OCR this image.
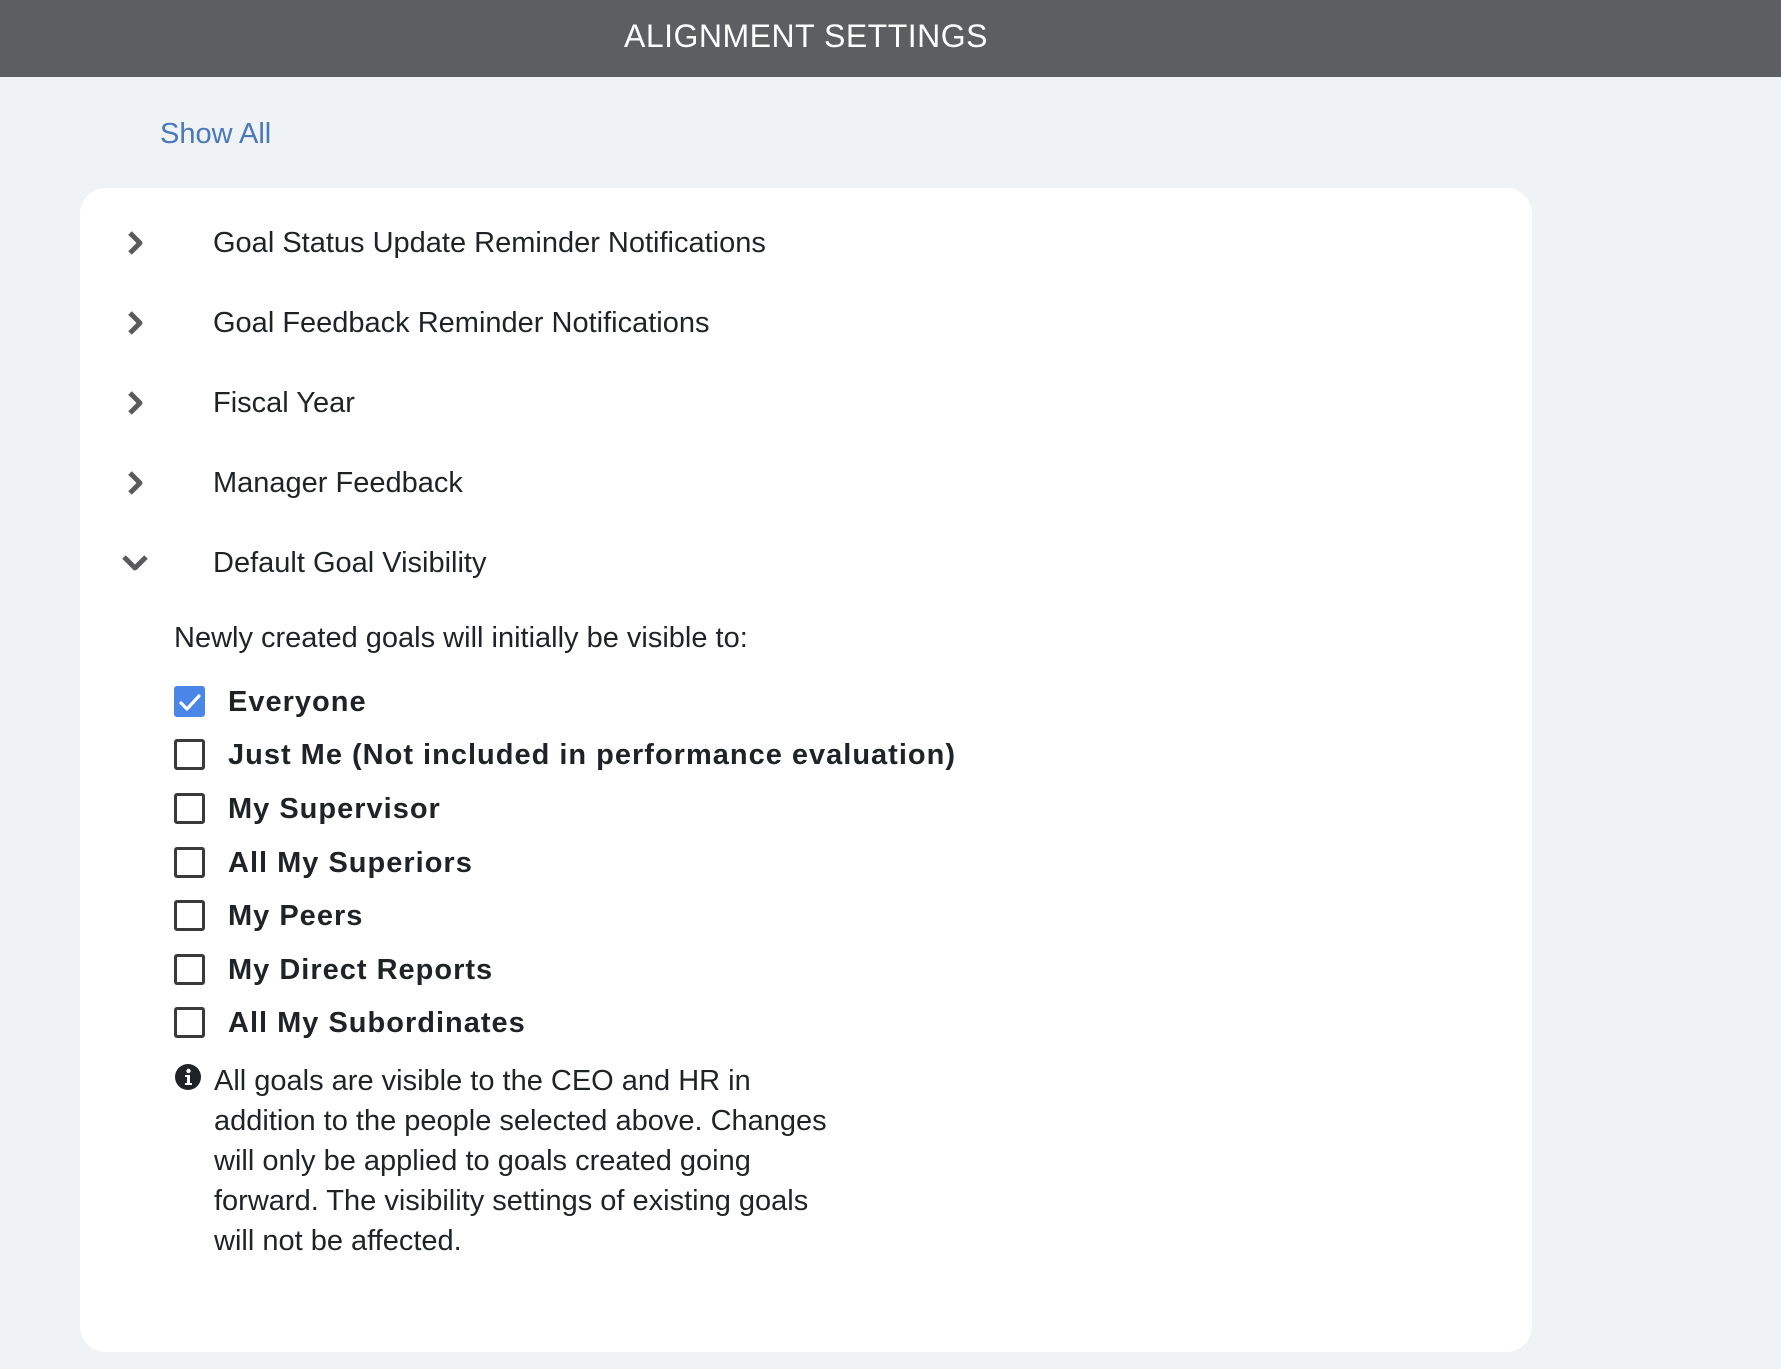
ALIGNMENT SETTINGS
Show All
Goal Status Update Reminder Notifications
Goal Feedback Reminder Notifications
Fiscal Year
Manager Feedback
Default Goal Visibility
Newly created goals will initially be visible to:
Everyone
Just Me (Not included in performance evaluation)
My Supervisor
All My Superiors
My Peers
My Direct Reports
All My Subordinates
All goals are visible to the CEO and HR in addition to the people selected above. Changes will only be applied to goals created going forward. The visibility settings of existing goals will not be affected.
